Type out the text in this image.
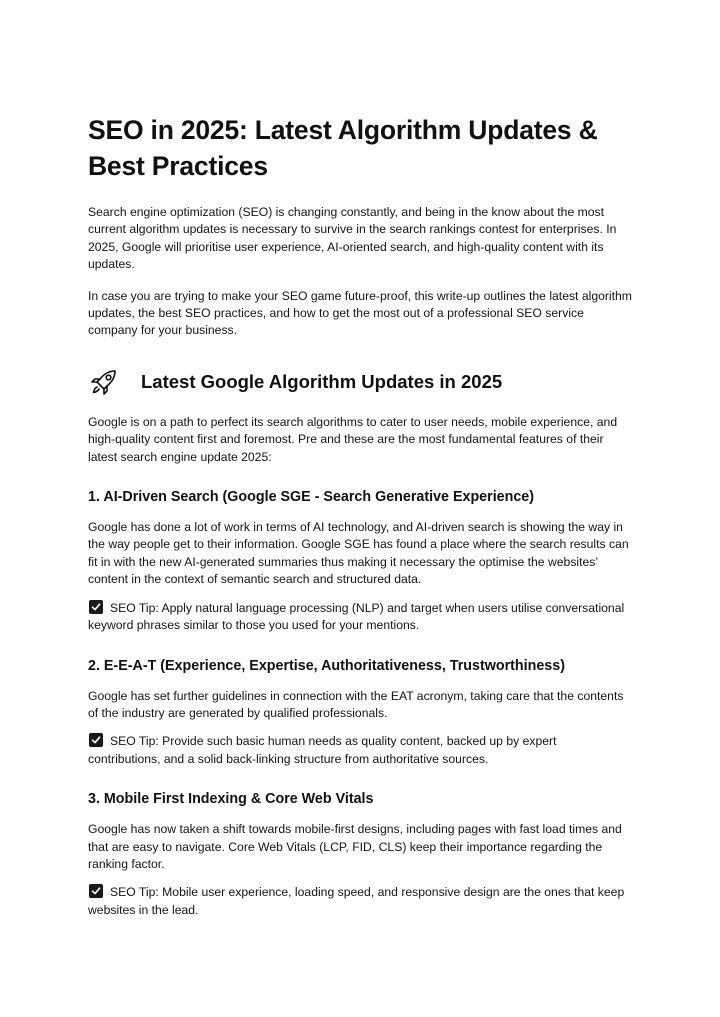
SEO in 2025: Latest Algorithm Updates & Best Practices

Search engine optimization (SEO) is changing constantly, and being in the know about the most current algorithm updates is necessary to survive in the search rankings contest for enterprises. In 2025, Google will prioritise user experience, AI-oriented search, and high-quality content with its updates.

In case you are trying to make your SEO game future-proof, this write-up outlines the latest algorithm updates, the best SEO practices, and how to get the most out of a professional SEO service company for your business.

Latest Google Algorithm Updates in 2025

Google is on a path to perfect its search algorithms to cater to user needs, mobile experience, and high-quality content first and foremost. Pre and these are the most fundamental features of their latest search engine update 2025:

1. AI-Driven Search (Google SGE - Search Generative Experience)

Google has done a lot of work in terms of AI technology, and AI-driven search is showing the way in the way people get to their information. Google SGE has found a place where the search results can fit in with the new AI-generated summaries thus making it necessary the optimise the websites’ content in the context of semantic search and structured data.

SEO Tip: Apply natural language processing (NLP) and target when users utilise conversational keyword phrases similar to those you used for your mentions.

2. E-E-A-T (Experience, Expertise, Authoritativeness, Trustworthiness)

Google has set further guidelines in connection with the EAT acronym, taking care that the contents of the industry are generated by qualified professionals.

SEO Tip: Provide such basic human needs as quality content, backed up by expert contributions, and a solid back-linking structure from authoritative sources.

3. Mobile First Indexing & Core Web Vitals

Google has now taken a shift towards mobile-first designs, including pages with fast load times and that are easy to navigate. Core Web Vitals (LCP, FID, CLS) keep their importance regarding the ranking factor.

SEO Tip: Mobile user experience, loading speed, and responsive design are the ones that keep websites in the lead.
